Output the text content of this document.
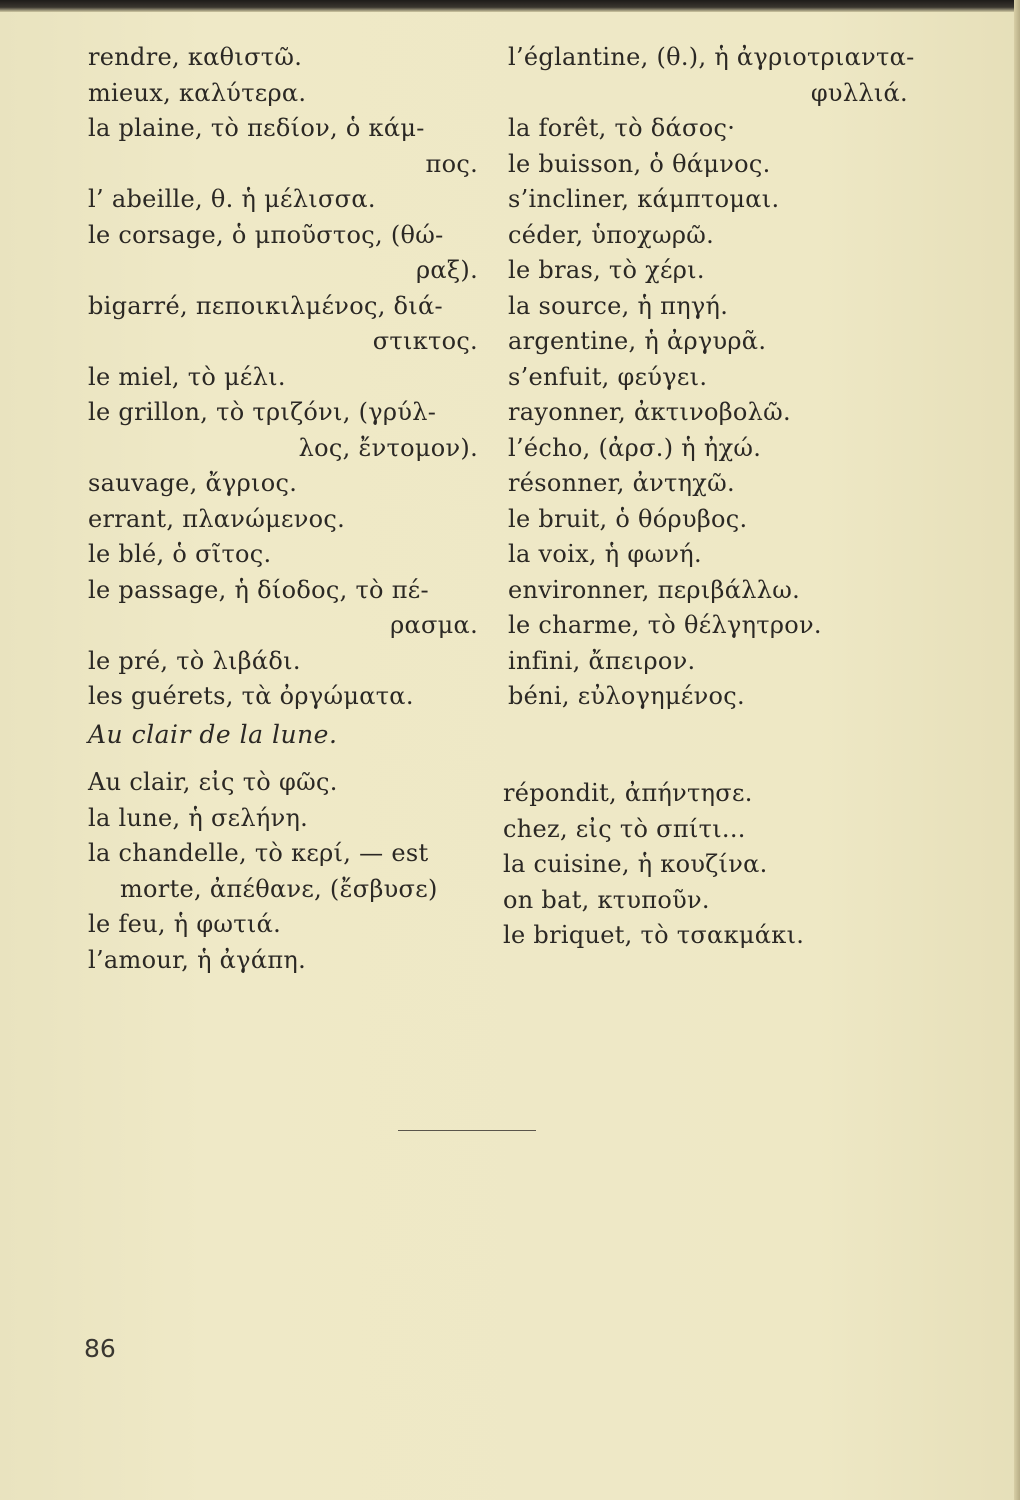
rendre, καθιστῶ.
mieux, καλύτερα.
la plaine, τὸ πεδίον, ὁ κάμ-
πος.
l’ abeille, θ. ἡ μέλισσα.
le corsage, ὁ μποῦστος, (θώ-
ραξ).
bigarré, πεποικιλμένος, διά-
στικτος.
le miel, τὸ μέλι.
le grillon, τὸ τριζόνι, (γρύλ-
λος, ἔντομον).
sauvage, ἄγριος.
errant, πλανώμενος.
le blé, ὁ σῖτος.
le passage, ἡ δίοδος, τὸ πέ-
ρασμα.
le pré, τὸ λιβάδι.
les guérets, τὰ ὀργώματα.
l’églantine, (θ.), ἡ ἀγριοτριαντα-
φυλλιά.
la forêt, τὸ δάσος·
le buisson, ὁ θάμνος.
s’incliner, κάμπτομαι.
céder, ὑποχωρῶ.
le bras, τὸ χέρι.
la source, ἡ πηγή.
argentine, ἡ ἀργυρᾶ.
s’enfuit, φεύγει.
rayonner, ἀκτινοβολῶ.
l’écho, (ἀρσ.) ἡ ἠχώ.
résonner, ἀντηχῶ.
le bruit, ὁ θόρυβος.
la voix, ἡ φωνή.
environner, περιβάλλω.
le charme, τὸ θέλγητρον.
infini, ἄπειρον.
béni, εὐλογημένος.
Au clair de la lune.
Au clair, εἰς τὸ φῶς.
la lune, ἡ σελήνη.
la chandelle, τὸ κερί, — est
morte, ἀπέθανε, (ἔσβυσε)
le feu, ἡ φωτιά.
l’amour, ἡ ἀγάπη.
répondit, ἀπήντησε.
chez, εἰς τὸ σπίτι...
la cuisine, ἡ κουζίνα.
on bat, κτυποῦν.
le briquet, τὸ τσακμάκι.
86
